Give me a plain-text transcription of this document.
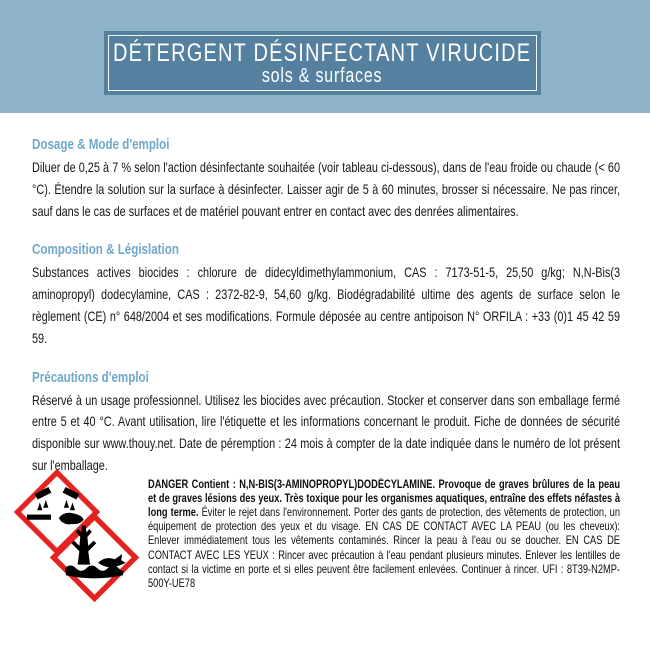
DÉTERGENT DÉSINFECTANT VIRUCIDE
sols & surfaces
Dosage & Mode d'emploi

Diluer de 0,25 à 7 % selon l'action désinfectante souhaitée (voir tableau ci-dessous), dans de l'eau froide ou chaude (< 60 °C). Étendre la solution sur la surface à désinfecter. Laisser agir de 5 à 60 minutes, brosser si nécessaire. Ne pas rincer, sauf dans le cas de surfaces et de matériel pouvant entrer en contact avec des denrées alimentaires.

Composition & Législation

Substances actives biocides : chlorure de didecyldimethylammonium, CAS : 7173-51-5, 25,50 g/kg; N,N-Bis(3 aminopropyl) dodecylamine, CAS : 2372-82-9, 54,60 g/kg. Biodégradabilité ultime des agents de surface selon le règlement (CE) n° 648/2004 et ses modifications. Formule déposée au centre antipoison N° ORFILA : +33 (0)1 45 42 59 59.

Précautions d'emploi

Réservé à un usage professionnel. Utilisez les biocides avec précaution. Stocker et conserver dans son emballage fermé entre 5 et 40 °C. Avant utilisation, lire l'étiquette et les informations concernant le produit. Fiche de données de sécurité disponible sur www.thouy.net. Date de péremption : 24 mois à compter de la date indiquée dans le numéro de lot présent sur l'emballage.

DANGER Contient : N,N-BIS(3-AMINOPROPYL)DODÉCYLAMINE. Provoque de graves brûlures de la peau et de graves lésions des yeux. Très toxique pour les organismes aquatiques, entraîne des effets néfastes à long terme. Éviter le rejet dans l'environnement. Porter des gants de protection, des vêtements de protection, un équipement de protection des yeux et du visage. EN CAS DE CONTACT AVEC LA PEAU (ou les cheveux): Enlever immédiatement tous les vêtements contaminés. Rincer la peau à l'eau ou se doucher. EN CAS DE CONTACT AVEC LES YEUX : Rincer avec précaution à l'eau pendant plusieurs minutes. Enlever les lentilles de contact si la victime en porte et si elles peuvent être facilement enlevées. Continuer à rincer. UFI : 8T39-N2MP-500Y-UE78
